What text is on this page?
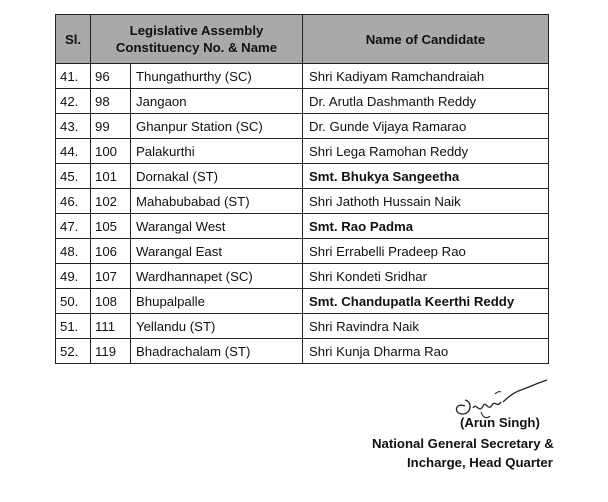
Sl.	Legislative Assembly
Constituency No. & Name		Name of Candidate
41.	96	Thungathurthy (SC)	Shri Kadiyam Ramchandraiah
42.	98	Jangaon	Dr. Arutla Dashmanth Reddy
43.	99	Ghanpur Station (SC)	Dr. Gunde Vijaya Ramarao
44.	100	Palakurthi	Shri Lega Ramohan Reddy
45.	101	Dornakal (ST)	Smt. Bhukya Sangeetha
46.	102	Mahabubabad (ST)	Shri Jathoth Hussain Naik
47.	105	Warangal West	Smt. Rao Padma
48.	106	Warangal East	Shri Errabelli Pradeep Rao
49.	107	Wardhannapet (SC)	Shri Kondeti Sridhar
50.	108	Bhupalpalle	Smt. Chandupatla Keerthi Reddy
51.	111	Yellandu (ST)	Shri Ravindra Naik
52.	119	Bhadrachalam (ST)	Shri Kunja Dharma Rao
(Arun Singh)
National General Secretary &
Incharge, Head Quarter
